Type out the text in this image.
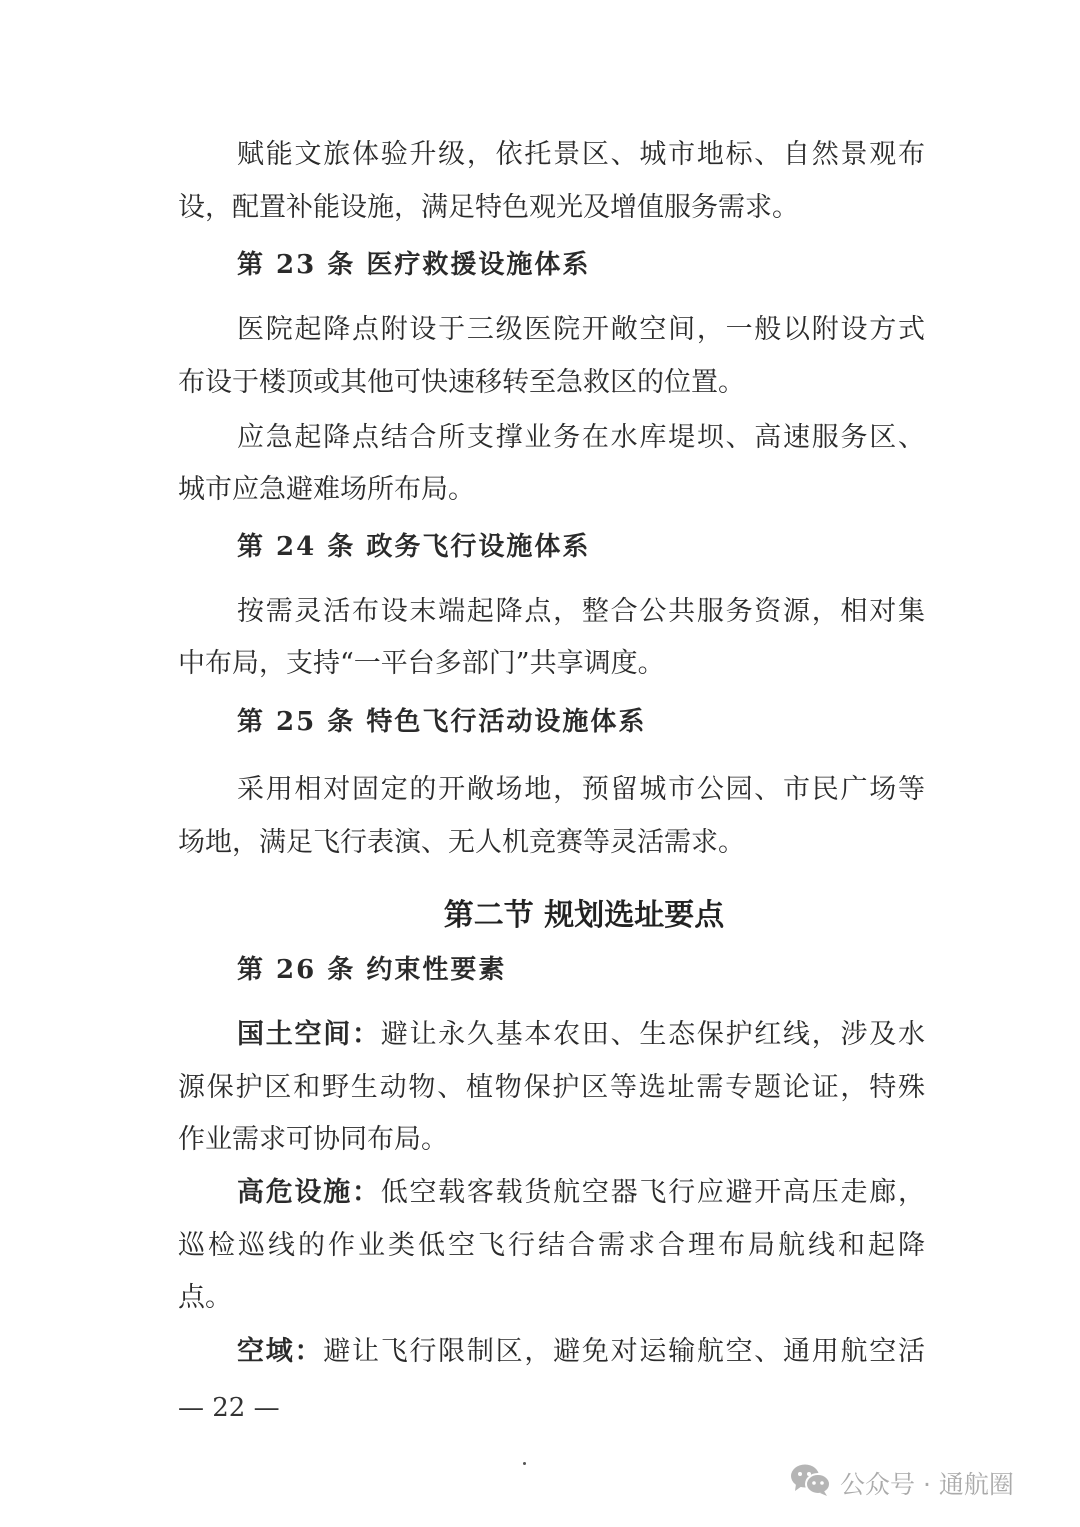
赋能文旅体验升级，依托景区、城市地标、自然景观布
设，配置补能设施，满足特色观光及增值服务需求。
第 23 条 医疗救援设施体系
医院起降点附设于三级医院开敞空间，一般以附设方式
布设于楼顶或其他可快速移转至急救区的位置。
应急起降点结合所支撑业务在水库堤坝、高速服务区、
城市应急避难场所布局。
第 24 条 政务飞行设施体系
按需灵活布设末端起降点，整合公共服务资源，相对集
中布局，支持“一平台多部门”共享调度。
第 25 条 特色飞行活动设施体系
采用相对固定的开敞场地，预留城市公园、市民广场等
场地，满足飞行表演、无人机竞赛等灵活需求。
第二节 规划选址要点
第 26 条 约束性要素
国土空间：避让永久基本农田、生态保护红线，涉及水
源保护区和野生动物、植物保护区等选址需专题论证，特殊
作业需求可协同布局。
高危设施：低空载客载货航空器飞行应避开高压走廊，
巡检巡线的作业类低空飞行结合需求合理布局航线和起降
点。
空域：避让飞行限制区，避免对运输航空、通用航空活
— 22 —
公众号 · 通航圈
